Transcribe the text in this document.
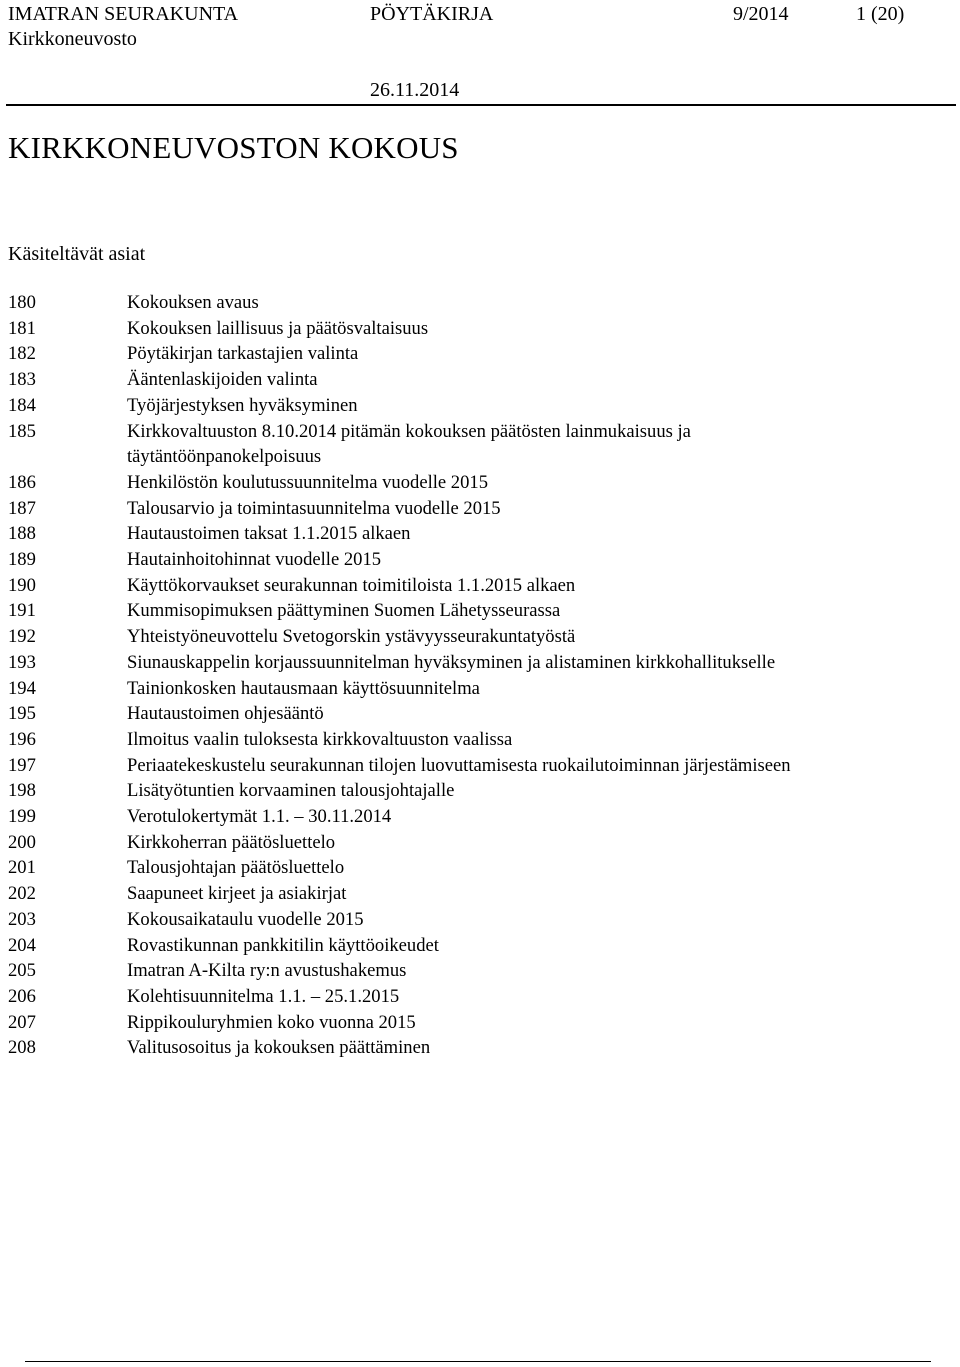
IMATRAN SEURAKUNTA	PÖYTÄKIRJA	9/2014	1 (20)
Kirkkoneuvosto
26.11.2014
KIRKKONEUVOSTON KOKOUS
Käsiteltävät asiat
180	Kokouksen avaus
181	Kokouksen laillisuus ja päätösvaltaisuus
182	Pöytäkirjan tarkastajien valinta
183	Ääntenlaskijoiden valinta
184	Työjärjestyksen hyväksyminen
185	Kirkkovaltuuston 8.10.2014 pitämän kokouksen päätösten lainmukaisuus ja
täytäntöönpanokelpoisuus
186	Henkilöstön koulutussuunnitelma vuodelle 2015
187	Talousarvio ja toimintasuunnitelma vuodelle 2015
188	Hautaustoimen taksat 1.1.2015 alkaen
189	Hautainhoitohinnat vuodelle 2015
190	Käyttökorvaukset seurakunnan toimitiloista 1.1.2015 alkaen
191	Kummisopimuksen päättyminen Suomen Lähetysseurassa
192	Yhteistyöneuvottelu Svetogorskin ystävyysseurakuntatyöstä
193	Siunauskappelin korjaussuunnitelman hyväksyminen ja alistaminen kirkkohallitukselle
194	Tainionkosken hautausmaan käyttösuunnitelma
195	Hautaustoimen ohjesääntö
196	Ilmoitus vaalin tuloksesta kirkkovaltuuston vaalissa
197	Periaatekeskustelu seurakunnan tilojen luovuttamisesta ruokailutoiminnan järjestämiseen
198	Lisätyötuntien korvaaminen talousjohtajalle
199	Verotulokertymät 1.1. – 30.11.2014
200	Kirkkoherran päätösluettelo
201	Talousjohtajan päätösluettelo
202	Saapuneet kirjeet ja asiakirjat
203	Kokousaikataulu vuodelle 2015
204	Rovastikunnan pankkitilin käyttöoikeudet
205	Imatran A-Kilta ry:n avustushakemus
206	Kolehtisuunnitelma 1.1. – 25.1.2015
207	Rippikouluryhmien koko vuonna 2015
208	Valitusosoitus ja kokouksen päättäminen
